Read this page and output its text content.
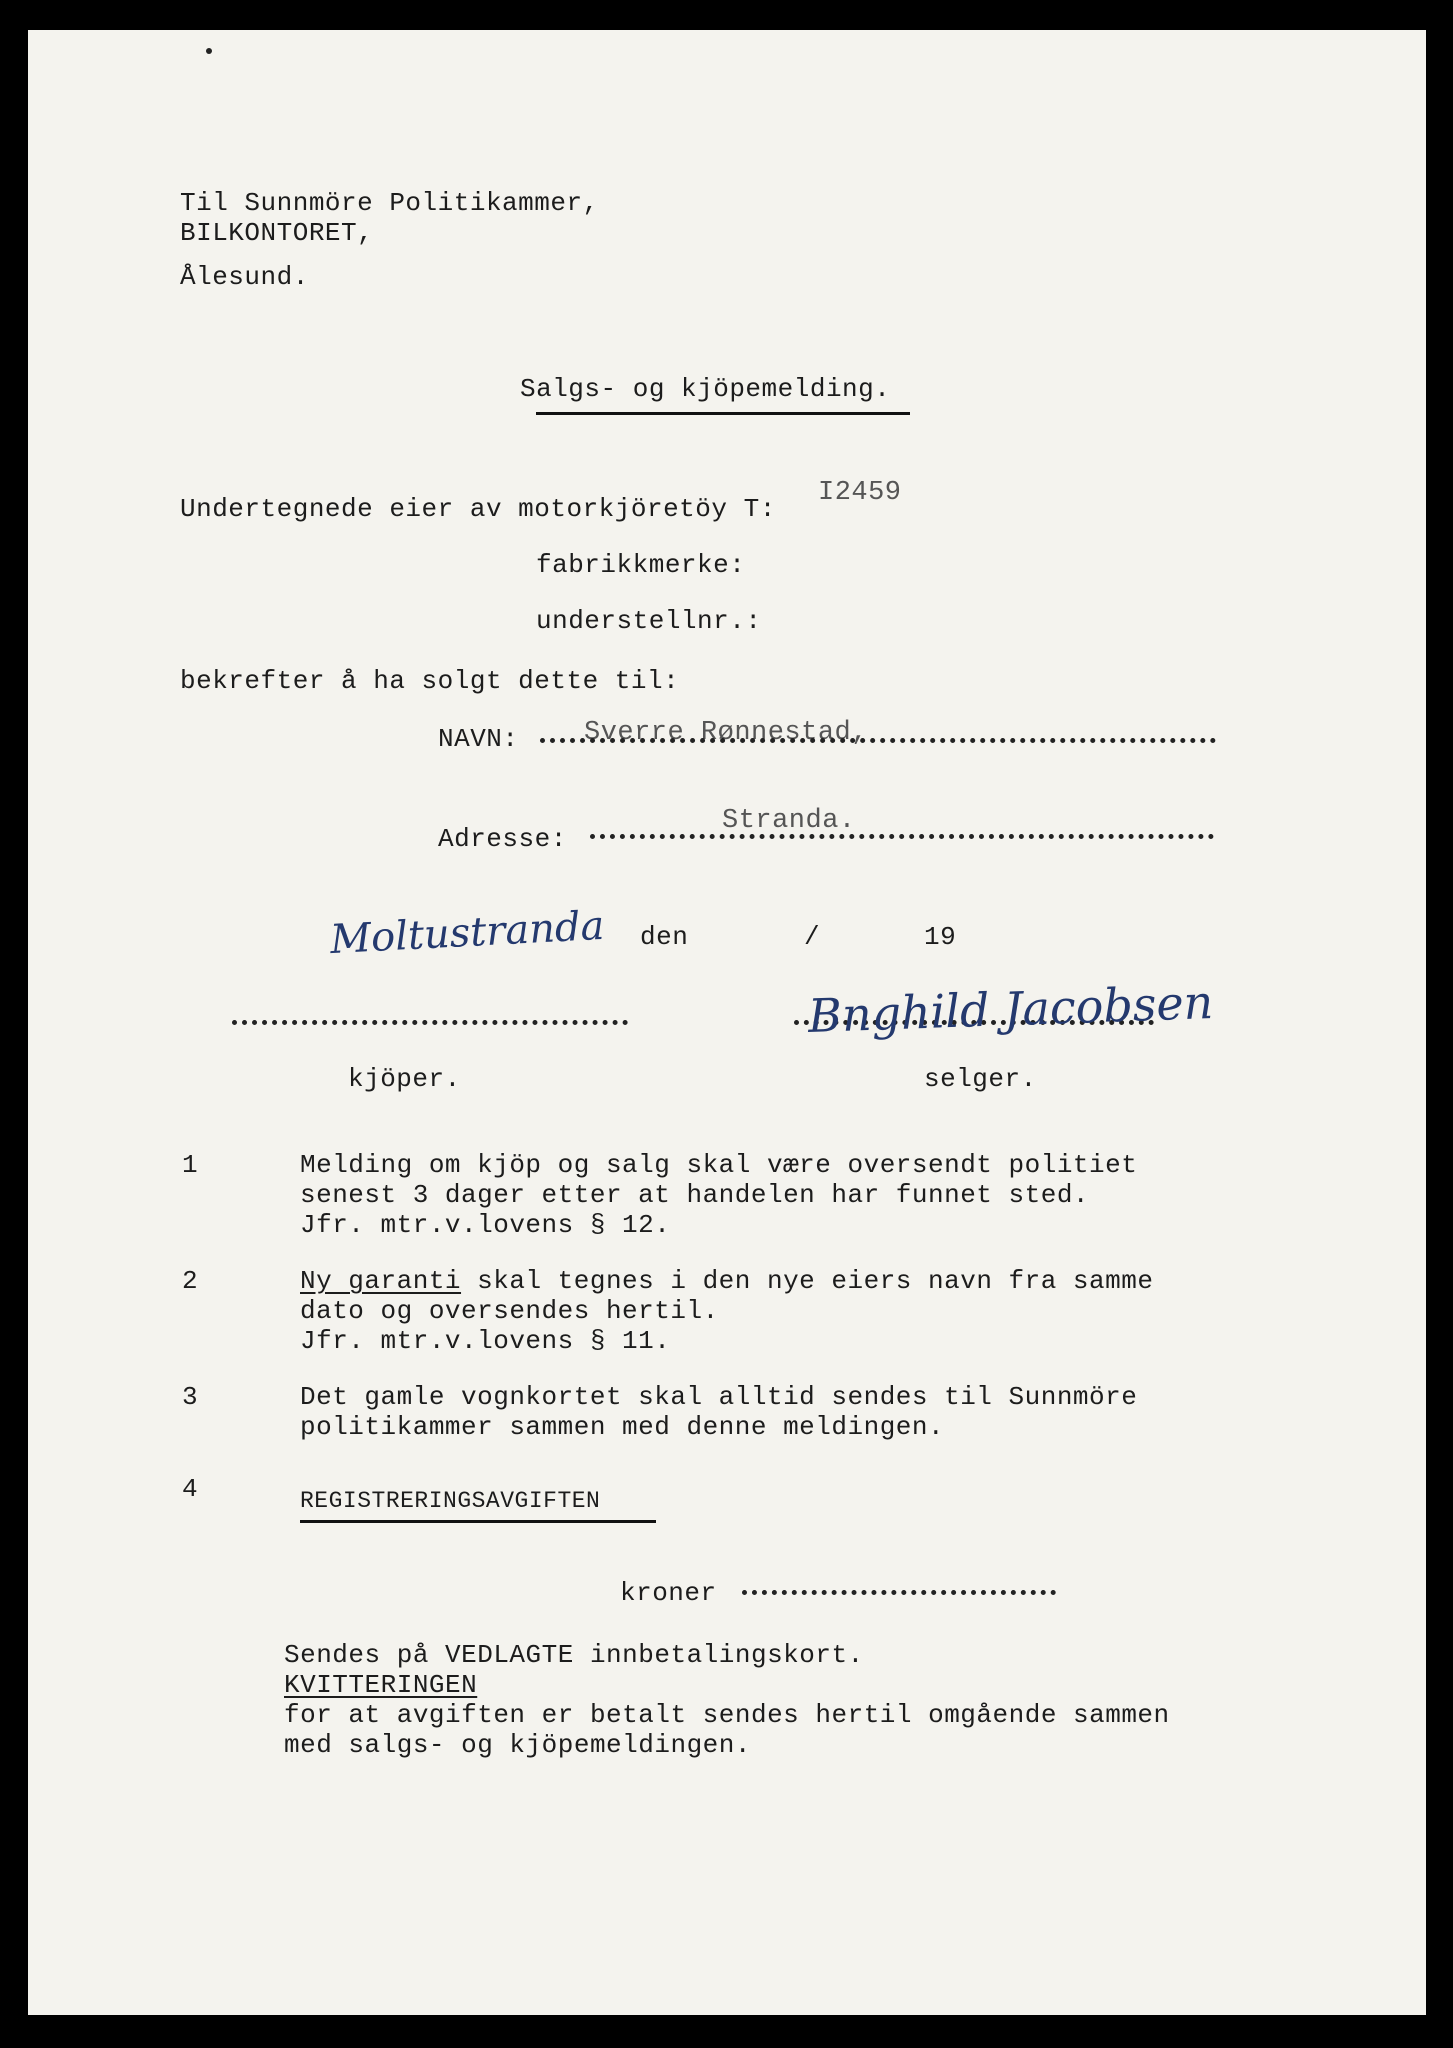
Til Sunnmöre Politikammer,
BILKONTORET,
Ålesund.
Salgs- og kjöpemelding.
Undertegnede eier av motorkjöretöy T:
I2459
fabrikkmerke:
understellnr.:
bekrefter å ha solgt dette til:
NAVN: Sverre Rønnestad,
Adresse:
Stranda.
Moltustranda den	/	19
Bnghild Jacobsen
kjöper.	selger.
1	Melding om kjöp og salg skal være oversendt politiet
senest 3 dager etter at handelen har funnet sted.
Jfr. mtr.v.lovens § 12.
2	Ny garanti skal tegnes i den nye eiers navn fra samme
dato og oversendes hertil.
Jfr. mtr.v.lovens § 11.
3	Det gamle vognkortet skal alltid sendes til Sunnmöre
politikammer sammen med denne meldingen.
4	REGISTRERINGSAVGIFTEN
kroner
Sendes på VEDLAGTE innbetalingskort.
KVITTERINGEN
for at avgiften er betalt sendes hertil omgående sammen
med salgs- og kjöpemeldingen.
